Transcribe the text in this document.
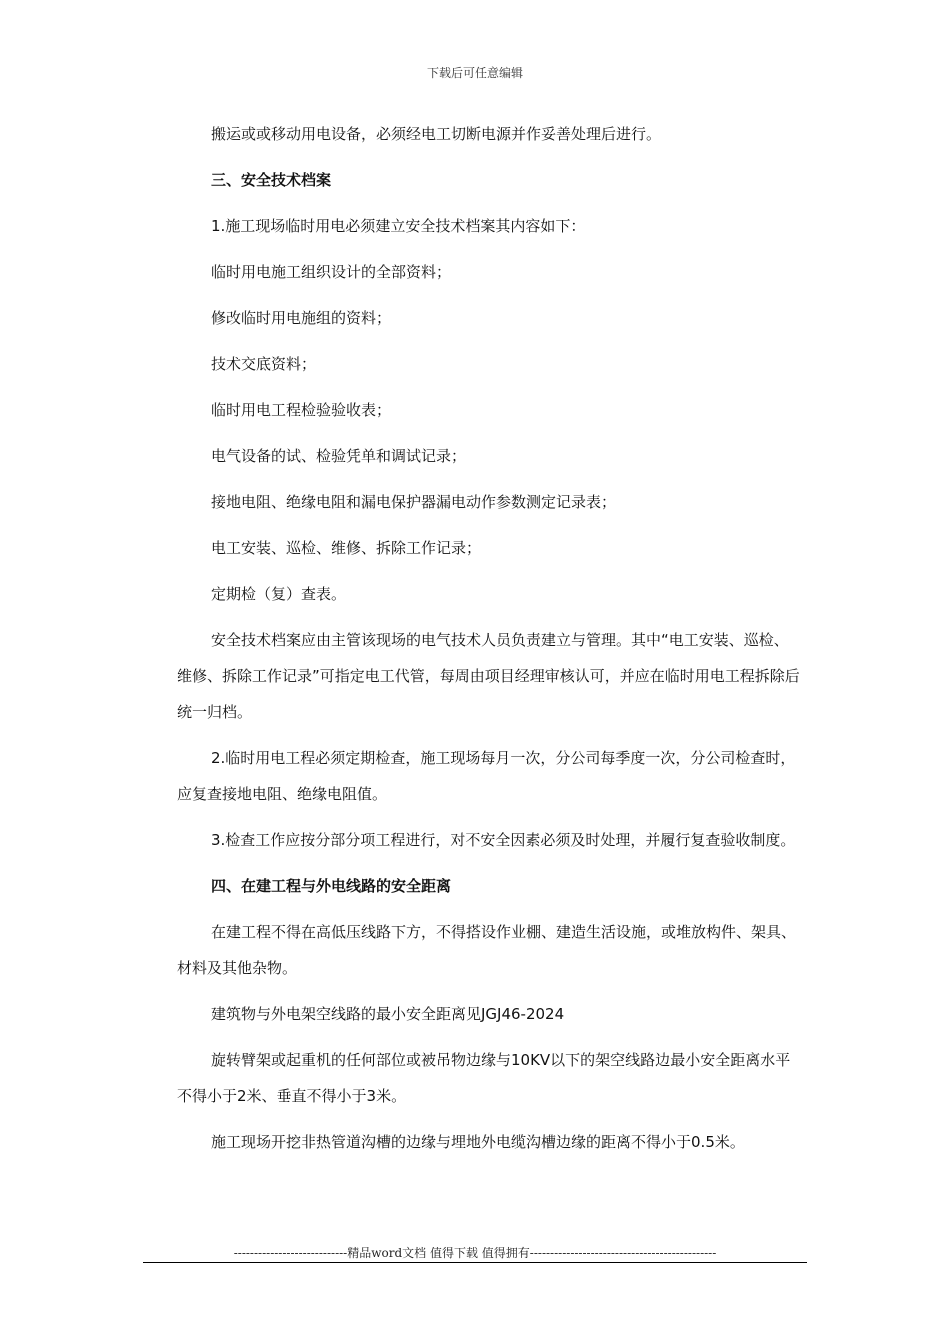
下载后可任意编辑

搬运或或移动用电设备，必须经电工切断电源并作妥善处理后进行。

三、安全技术档案

1.施工现场临时用电必须建立安全技术档案其内容如下：

临时用电施工组织设计的全部资料；

修改临时用电施组的资料；

技术交底资料；

临时用电工程检验验收表；

电气设备的试、检验凭单和调试记录；

接地电阻、绝缘电阻和漏电保护器漏电动作参数测定记录表；

电工安装、巡检、维修、拆除工作记录；

定期检（复）查表。

安全技术档案应由主管该现场的电气技术人员负责建立与管理。其中“电工安装、巡检、维修、拆除工作记录”可指定电工代管，每周由项目经理审核认可，并应在临时用电工程拆除后统一归档。

2.临时用电工程必须定期检查，施工现场每月一次，分公司每季度一次，分公司检查时，应复查接地电阻、绝缘电阻值。

3.检查工作应按分部分项工程进行，对不安全因素必须及时处理，并履行复查验收制度。

四、在建工程与外电线路的安全距离

在建工程不得在高低压线路下方，不得搭设作业棚、建造生活设施，或堆放构件、架具、材料及其他杂物。

建筑物与外电架空线路的最小安全距离见JGJ46-2024

旋转臂架或起重机的任何部位或被吊物边缘与10KV以下的架空线路边最小安全距离水平不得小于2米、垂直不得小于3米。

施工现场开挖非热管道沟槽的边缘与埋地外电缆沟槽边缘的距离不得小于0.5米。

----------------------------精品word文档 值得下载 值得拥有----------------------------------------------
